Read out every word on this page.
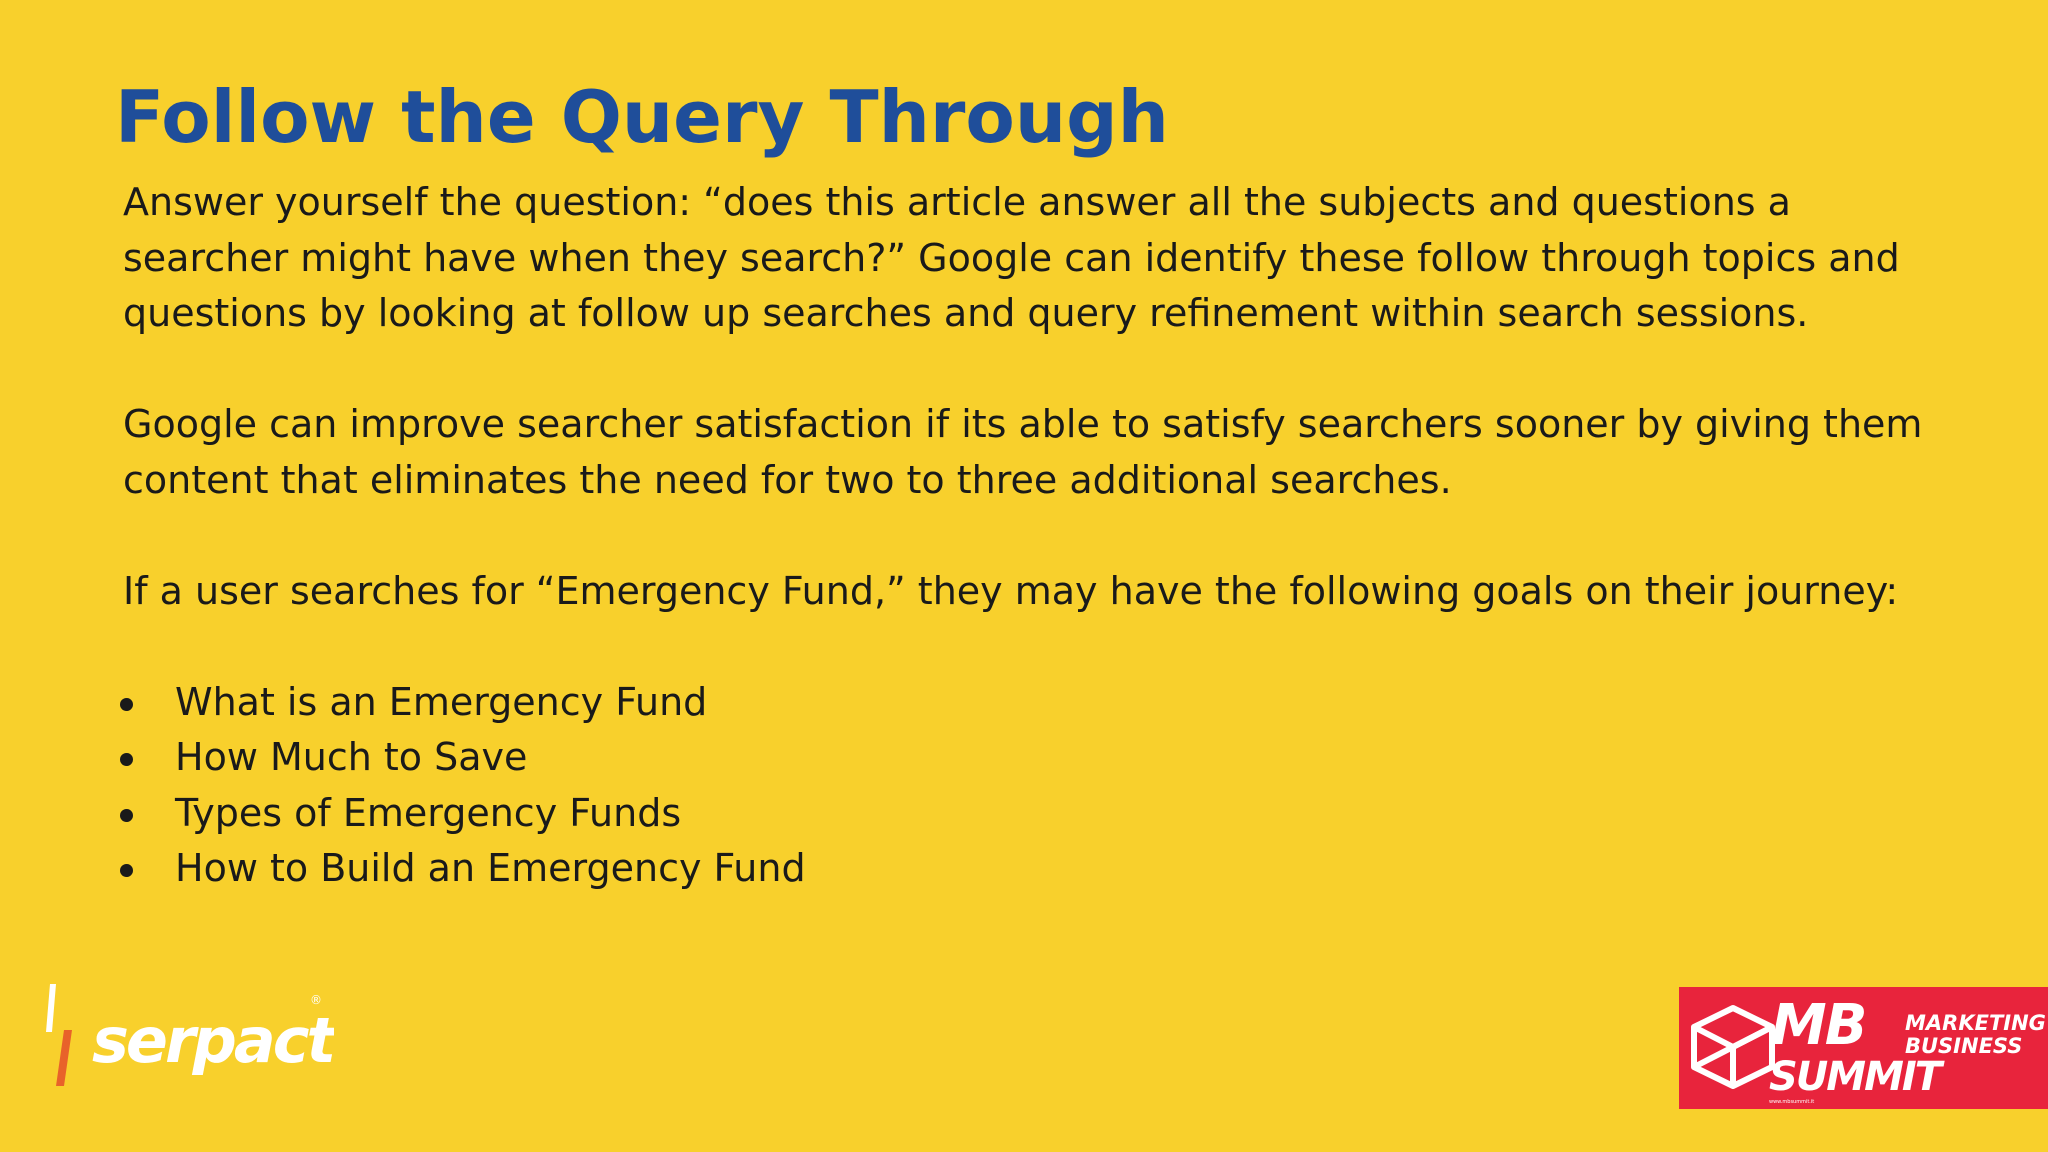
Follow the Query Through

Answer yourself the question: “does this article answer all the subjects and questions a searcher might have when they search?” Google can identify these follow through topics and questions by looking at follow up searches and query refinement within search sessions.

Google can improve searcher satisfaction if its able to satisfy searchers sooner by giving them content that eliminates the need for two to three additional searches.

If a user searches for “Emergency Fund,” they may have the following goals on their journey:

What is an Emergency Fund
How Much to Save
Types of Emergency Funds
How to Build an Emergency Fund
serpact
®	MB MARKETING
BUSINESS
SUMMIT
www.mbsummit.it
